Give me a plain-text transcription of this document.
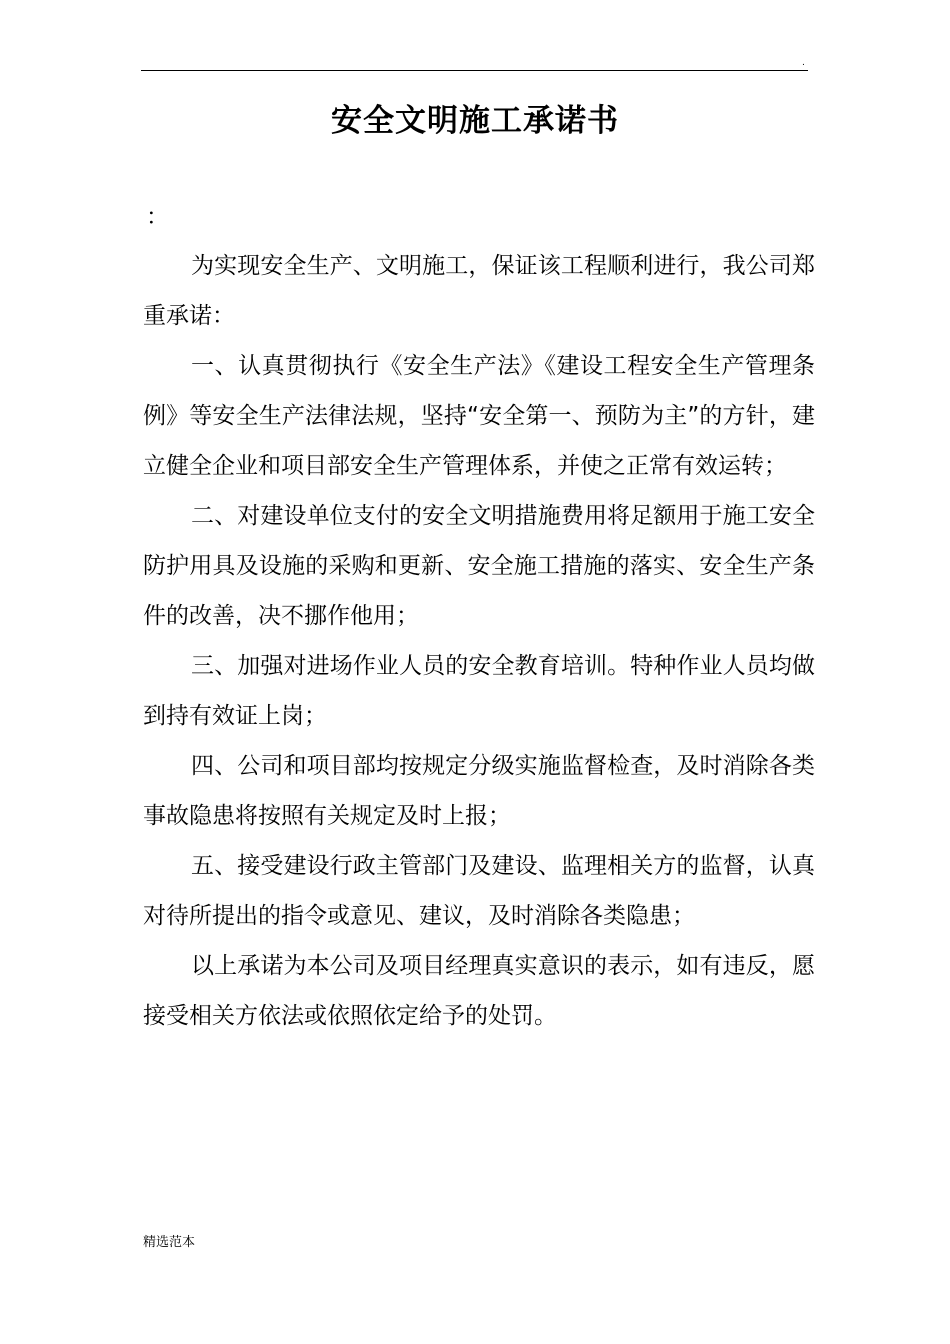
.
安全文明施工承诺书
：

为实现安全生产、文明施工，保证该工程顺利进行，我公司郑重承诺：

一、认真贯彻执行《安全生产法》《建设工程安全生产管理条例》等安全生产法律法规，坚持“安全第一、预防为主”的方针，建立健全企业和项目部安全生产管理体系，并使之正常有效运转；

二、对建设单位支付的安全文明措施费用将足额用于施工安全防护用具及设施的采购和更新、安全施工措施的落实、安全生产条件的改善，决不挪作他用；

三、加强对进场作业人员的安全教育培训。特种作业人员均做到持有效证上岗；

四、公司和项目部均按规定分级实施监督检查，及时消除各类事故隐患将按照有关规定及时上报；

五、接受建设行政主管部门及建设、监理相关方的监督，认真对待所提出的指令或意见、建议，及时消除各类隐患；

以上承诺为本公司及项目经理真实意识的表示，如有违反，愿接受相关方依法或依照依定给予的处罚。

精选范本
